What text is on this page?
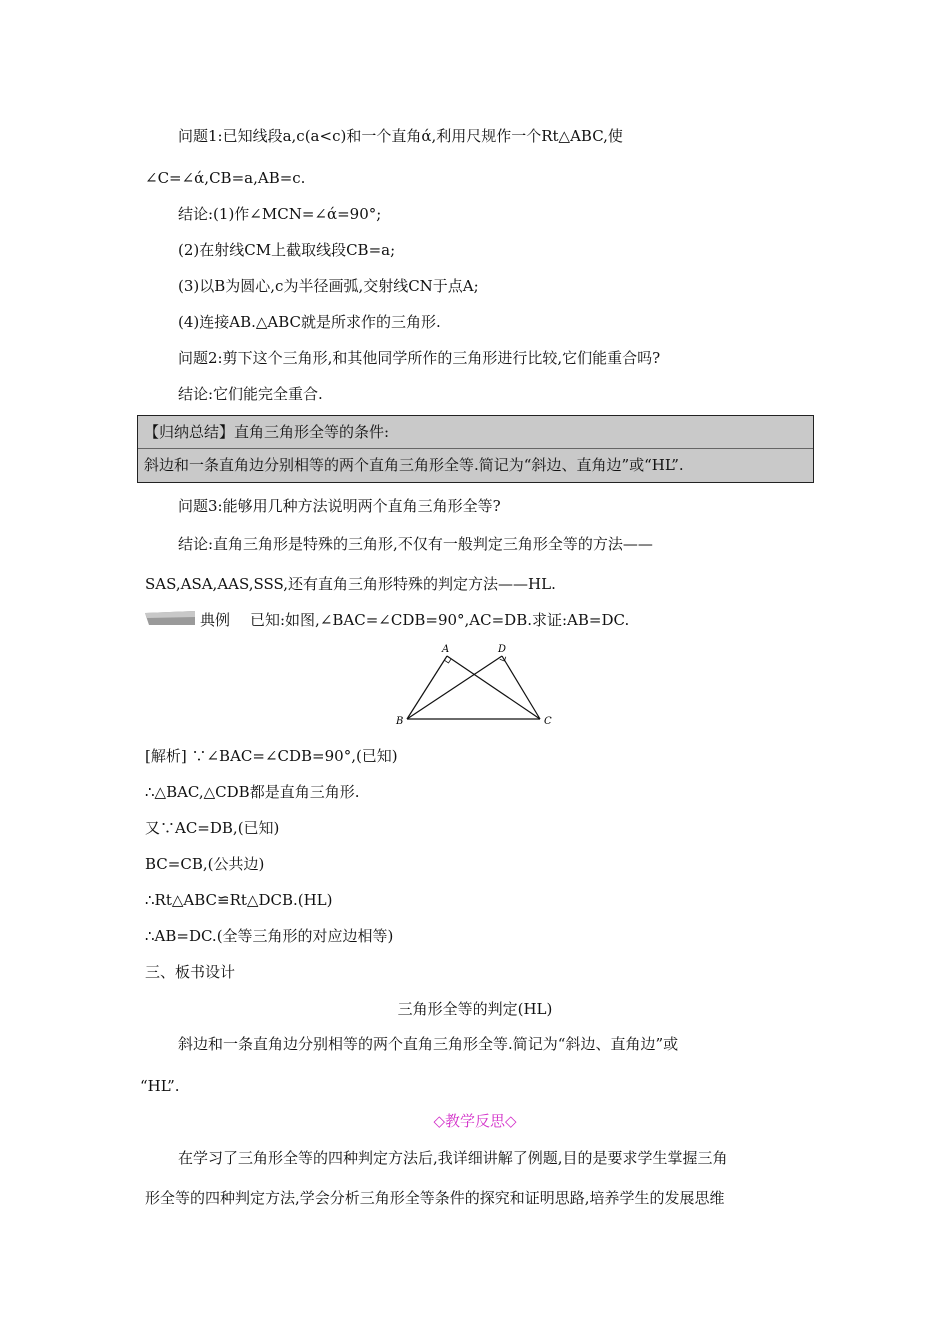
问题1:已知线段a,c(a<c)和一个直角ά,利用尺规作一个Rt△ABC,使
∠C=∠ά,CB=a,AB=c.
结论:(1)作∠MCN=∠ά=90°;
(2)在射线CM上截取线段CB=a;
(3)以B为圆心,c为半径画弧,交射线CN于点A;
(4)连接AB.△ABC就是所求作的三角形.
问题2:剪下这个三角形,和其他同学所作的三角形进行比较,它们能重合吗?
结论:它们能完全重合.
【归纳总结】直角三角形全等的条件:
斜边和一条直角边分别相等的两个直角三角形全等.简记为“斜边、直角边”或“HL”.
问题3:能够用几种方法说明两个直角三角形全等?
结论:直角三角形是特殊的三角形,不仅有一般判定三角形全等的方法——
SAS,ASA,AAS,SSS,还有直角三角形特殊的判定方法——HL.
典例 已知:如图,∠BAC=∠CDB=90°,AC=DB.求证:AB=DC.
A	D
B	C
[解析] ∵∠BAC=∠CDB=90°,(已知)
∴△BAC,△CDB都是直角三角形.
又∵AC=DB,(已知)
BC=CB,(公共边)
∴Rt△ABC≌Rt△DCB.(HL)
∴AB=DC.(全等三角形的对应边相等)
三、板书设计
三角形全等的判定(HL)
斜边和一条直角边分别相等的两个直角三角形全等.简记为“斜边、直角边”或
“HL”.
◇教学反思◇
在学习了三角形全等的四种判定方法后,我详细讲解了例题,目的是要求学生掌握三角
形全等的四种判定方法,学会分析三角形全等条件的探究和证明思路,培养学生的发展思维
